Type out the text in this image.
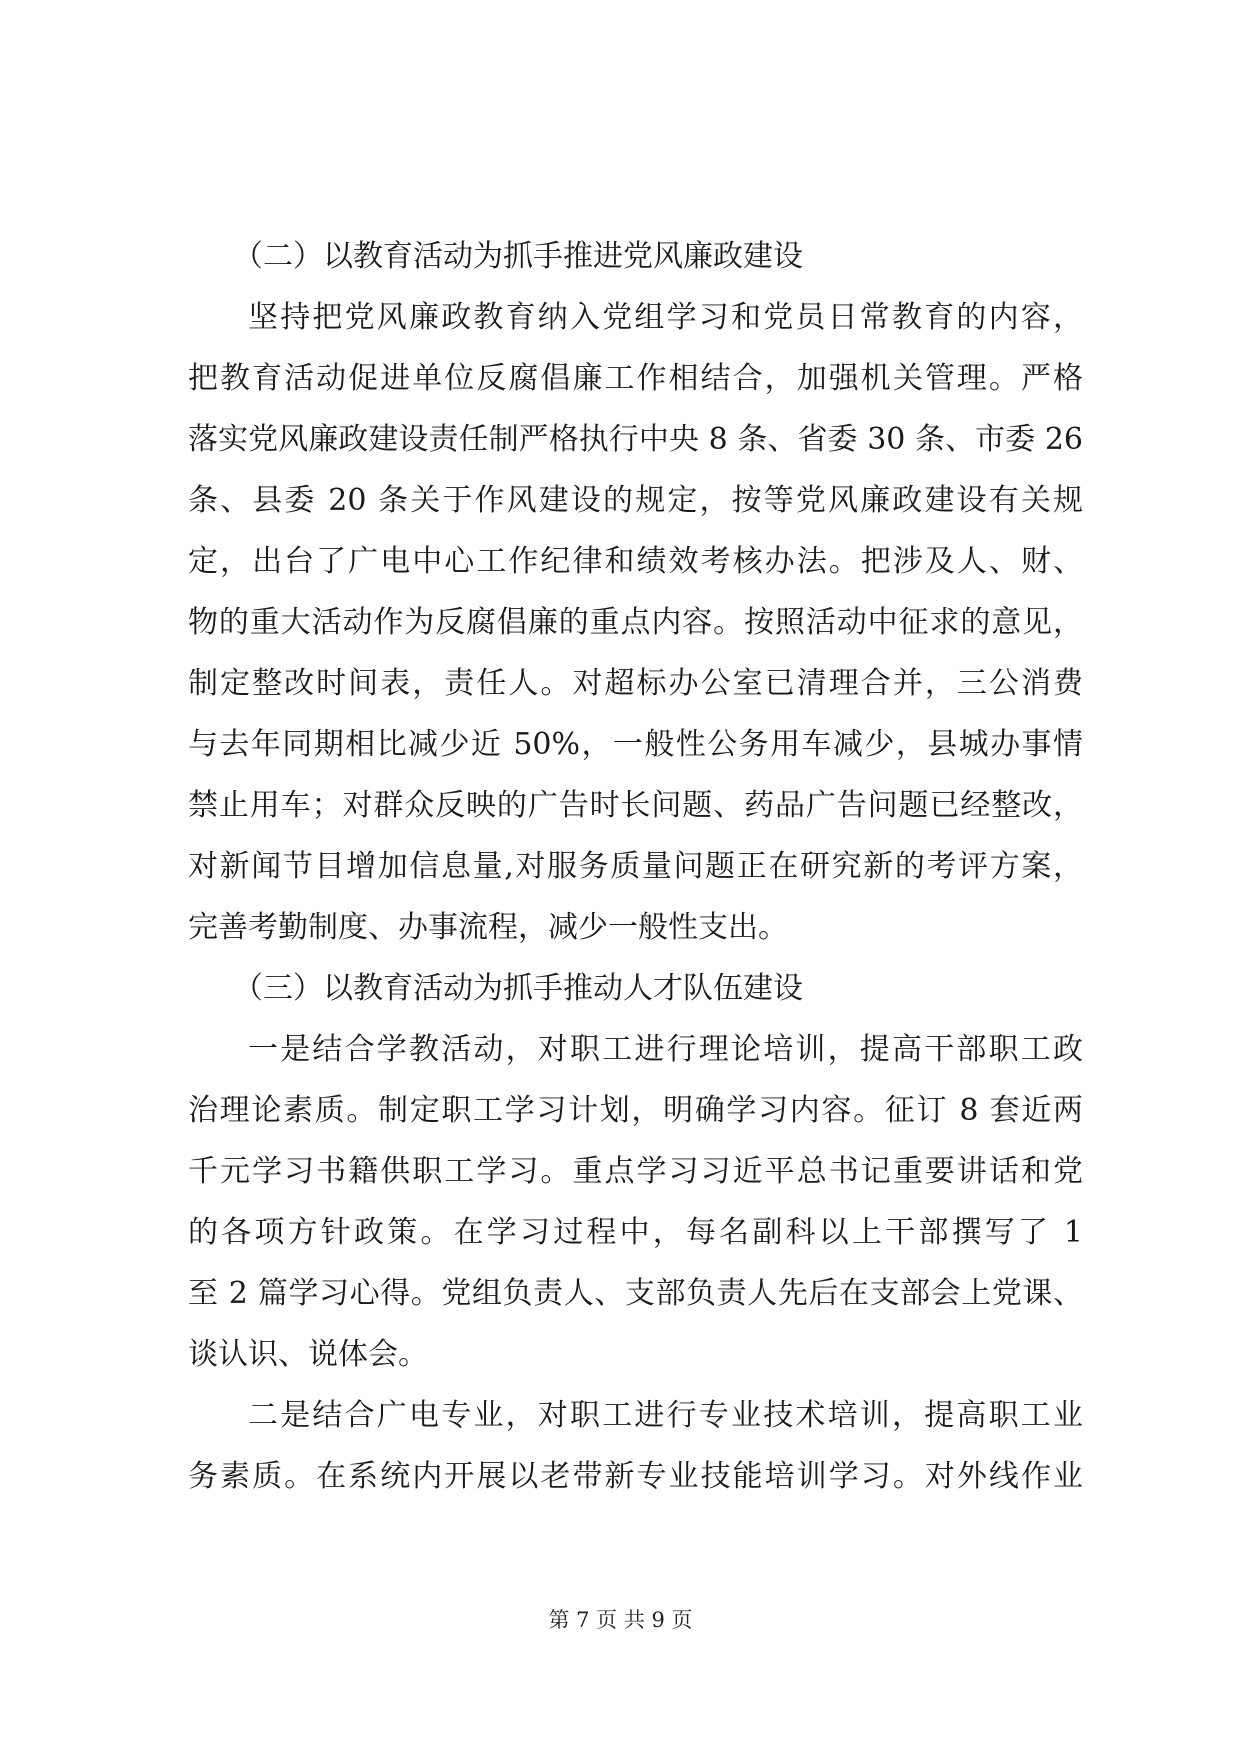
（二）以教育活动为抓手推进党风廉政建设
坚持把党风廉政教育纳入党组学习和党员日常教育的内容，
把教育活动促进单位反腐倡廉工作相结合，加强机关管理。严格
落实党风廉政建设责任制严格执行中央 8 条、省委 30 条、市委 26
条、县委 20 条关于作风建设的规定，按等党风廉政建设有关规
定，出台了广电中心工作纪律和绩效考核办法。把涉及人、财、
物的重大活动作为反腐倡廉的重点内容。按照活动中征求的意见，
制定整改时间表，责任人。对超标办公室已清理合并，三公消费
与去年同期相比减少近 50%，一般性公务用车减少，县城办事情
禁止用车；对群众反映的广告时长问题、药品广告问题已经整改，
对新闻节目增加信息量,对服务质量问题正在研究新的考评方案，
完善考勤制度、办事流程，减少一般性支出。
（三）以教育活动为抓手推动人才队伍建设
一是结合学教活动，对职工进行理论培训，提高干部职工政
治理论素质。制定职工学习计划，明确学习内容。征订 8 套近两
千元学习书籍供职工学习。重点学习习近平总书记重要讲话和党
的各项方针政策。在学习过程中，每名副科以上干部撰写了 1
至 2 篇学习心得。党组负责人、支部负责人先后在支部会上党课、
谈认识、说体会。
二是结合广电专业，对职工进行专业技术培训，提高职工业
务素质。在系统内开展以老带新专业技能培训学习。对外线作业
第 7 页 共 9 页
